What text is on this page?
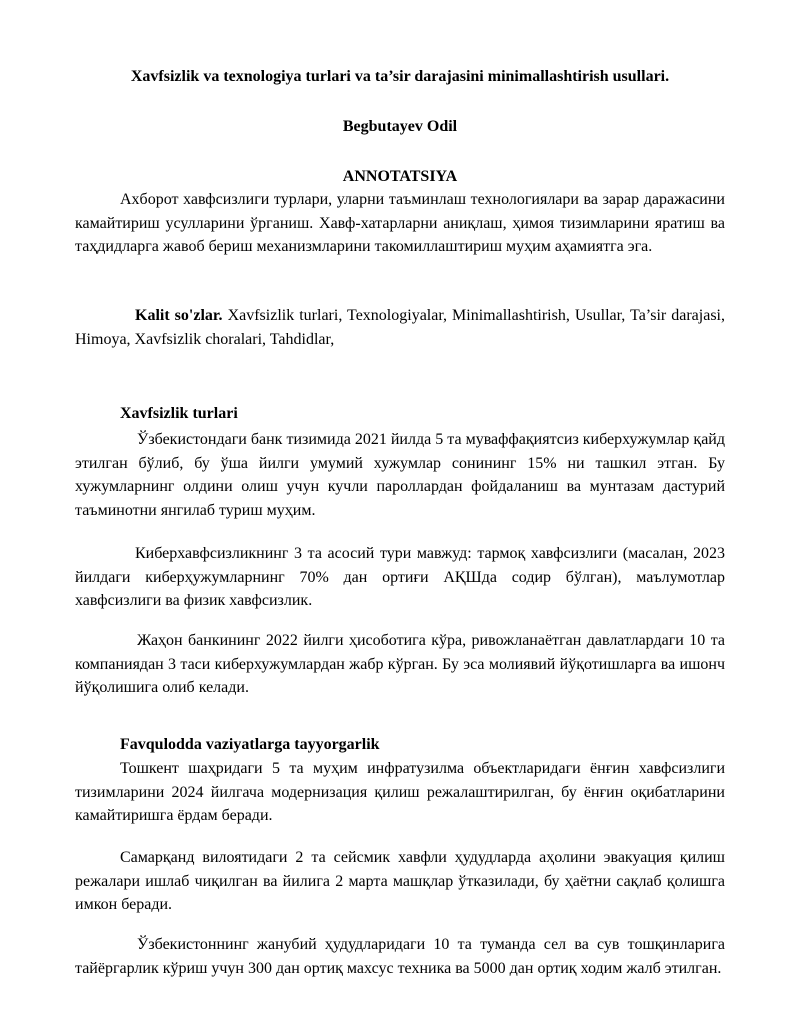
Xavfsizlik va texnologiya turlari va ta’sir darajasini minimallashtirish usullari.
Begbutayev Odil
ANNOTATSIYA

Axборот хавфсизлиги турлари, уларни таъминлаш технологиялари ва зарар даражасини камайтириш усулларини ўрганиш. Хавф-хатарларни аниқлаш, ҳимоя тизимларини яратиш ва таҳдидларга жавоб бериш механизмларини такомиллаштириш муҳим аҳамиятга эга.

Kalit so'zlar. Xavfsizlik turlari, Texnologiyalar, Minimallashtirish, Usullar, Ta’sir darajasi, Himoya, Xavfsizlik choralari, Tahdidlar,

Xavfsizlik turlari

Ўзбекистондаги банк тизимида 2021 йилда 5 та муваффақиятсиз киберхужумлар қайд этилган бўлиб, бу ўша йилги умумий хужумлар сонининг 15% ни ташкил этган. Бу хужумларнинг олдини олиш учун кучли пароллардан фойдаланиш ва мунтазам дастурий таъминотни янгилаб туриш муҳим.

Киберхавфсизликнинг 3 та асосий тури мавжуд: тармоқ хавфсизлиги (масалан, 2023 йилдаги киберҳужумларнинг 70% дан ортиғи АҚШда содир бўлган), маълумотлар хавфсизлиги ва физик хавфсизлик.

Жаҳон банкининг 2022 йилги ҳисоботига кўра, ривожланаётган давлатлардаги 10 та компаниядан 3 таси киберхужумлардан жабр кўрган. Бу эса молиявий йўқотишларга ва ишонч йўқолишига олиб келади.

Favqulodda vaziyatlarga tayyorgarlik

Тошкент шаҳридаги 5 та муҳим инфратузилма объектларидаги ёнғин хавфсизлиги тизимларини 2024 йилгача модернизация қилиш режалаштирилган, бу ёнғин оқибатларини камайтиришга ёрдам беради.

Самарқанд вилоятидаги 2 та сейсмик хавфли ҳудудларда аҳолини эвакуация қилиш режалари ишлаб чиқилган ва йилига 2 марта машқлар ўтказилади, бу ҳаётни сақлаб қолишга имкон беради.

Ўзбекистоннинг жанубий ҳудудларидаги 10 та туманда сел ва сув тошқинларига тайёргарлик кўриш учун 300 дан ортиқ махсус техника ва 5000 дан ортиқ ходим жалб этилган.
